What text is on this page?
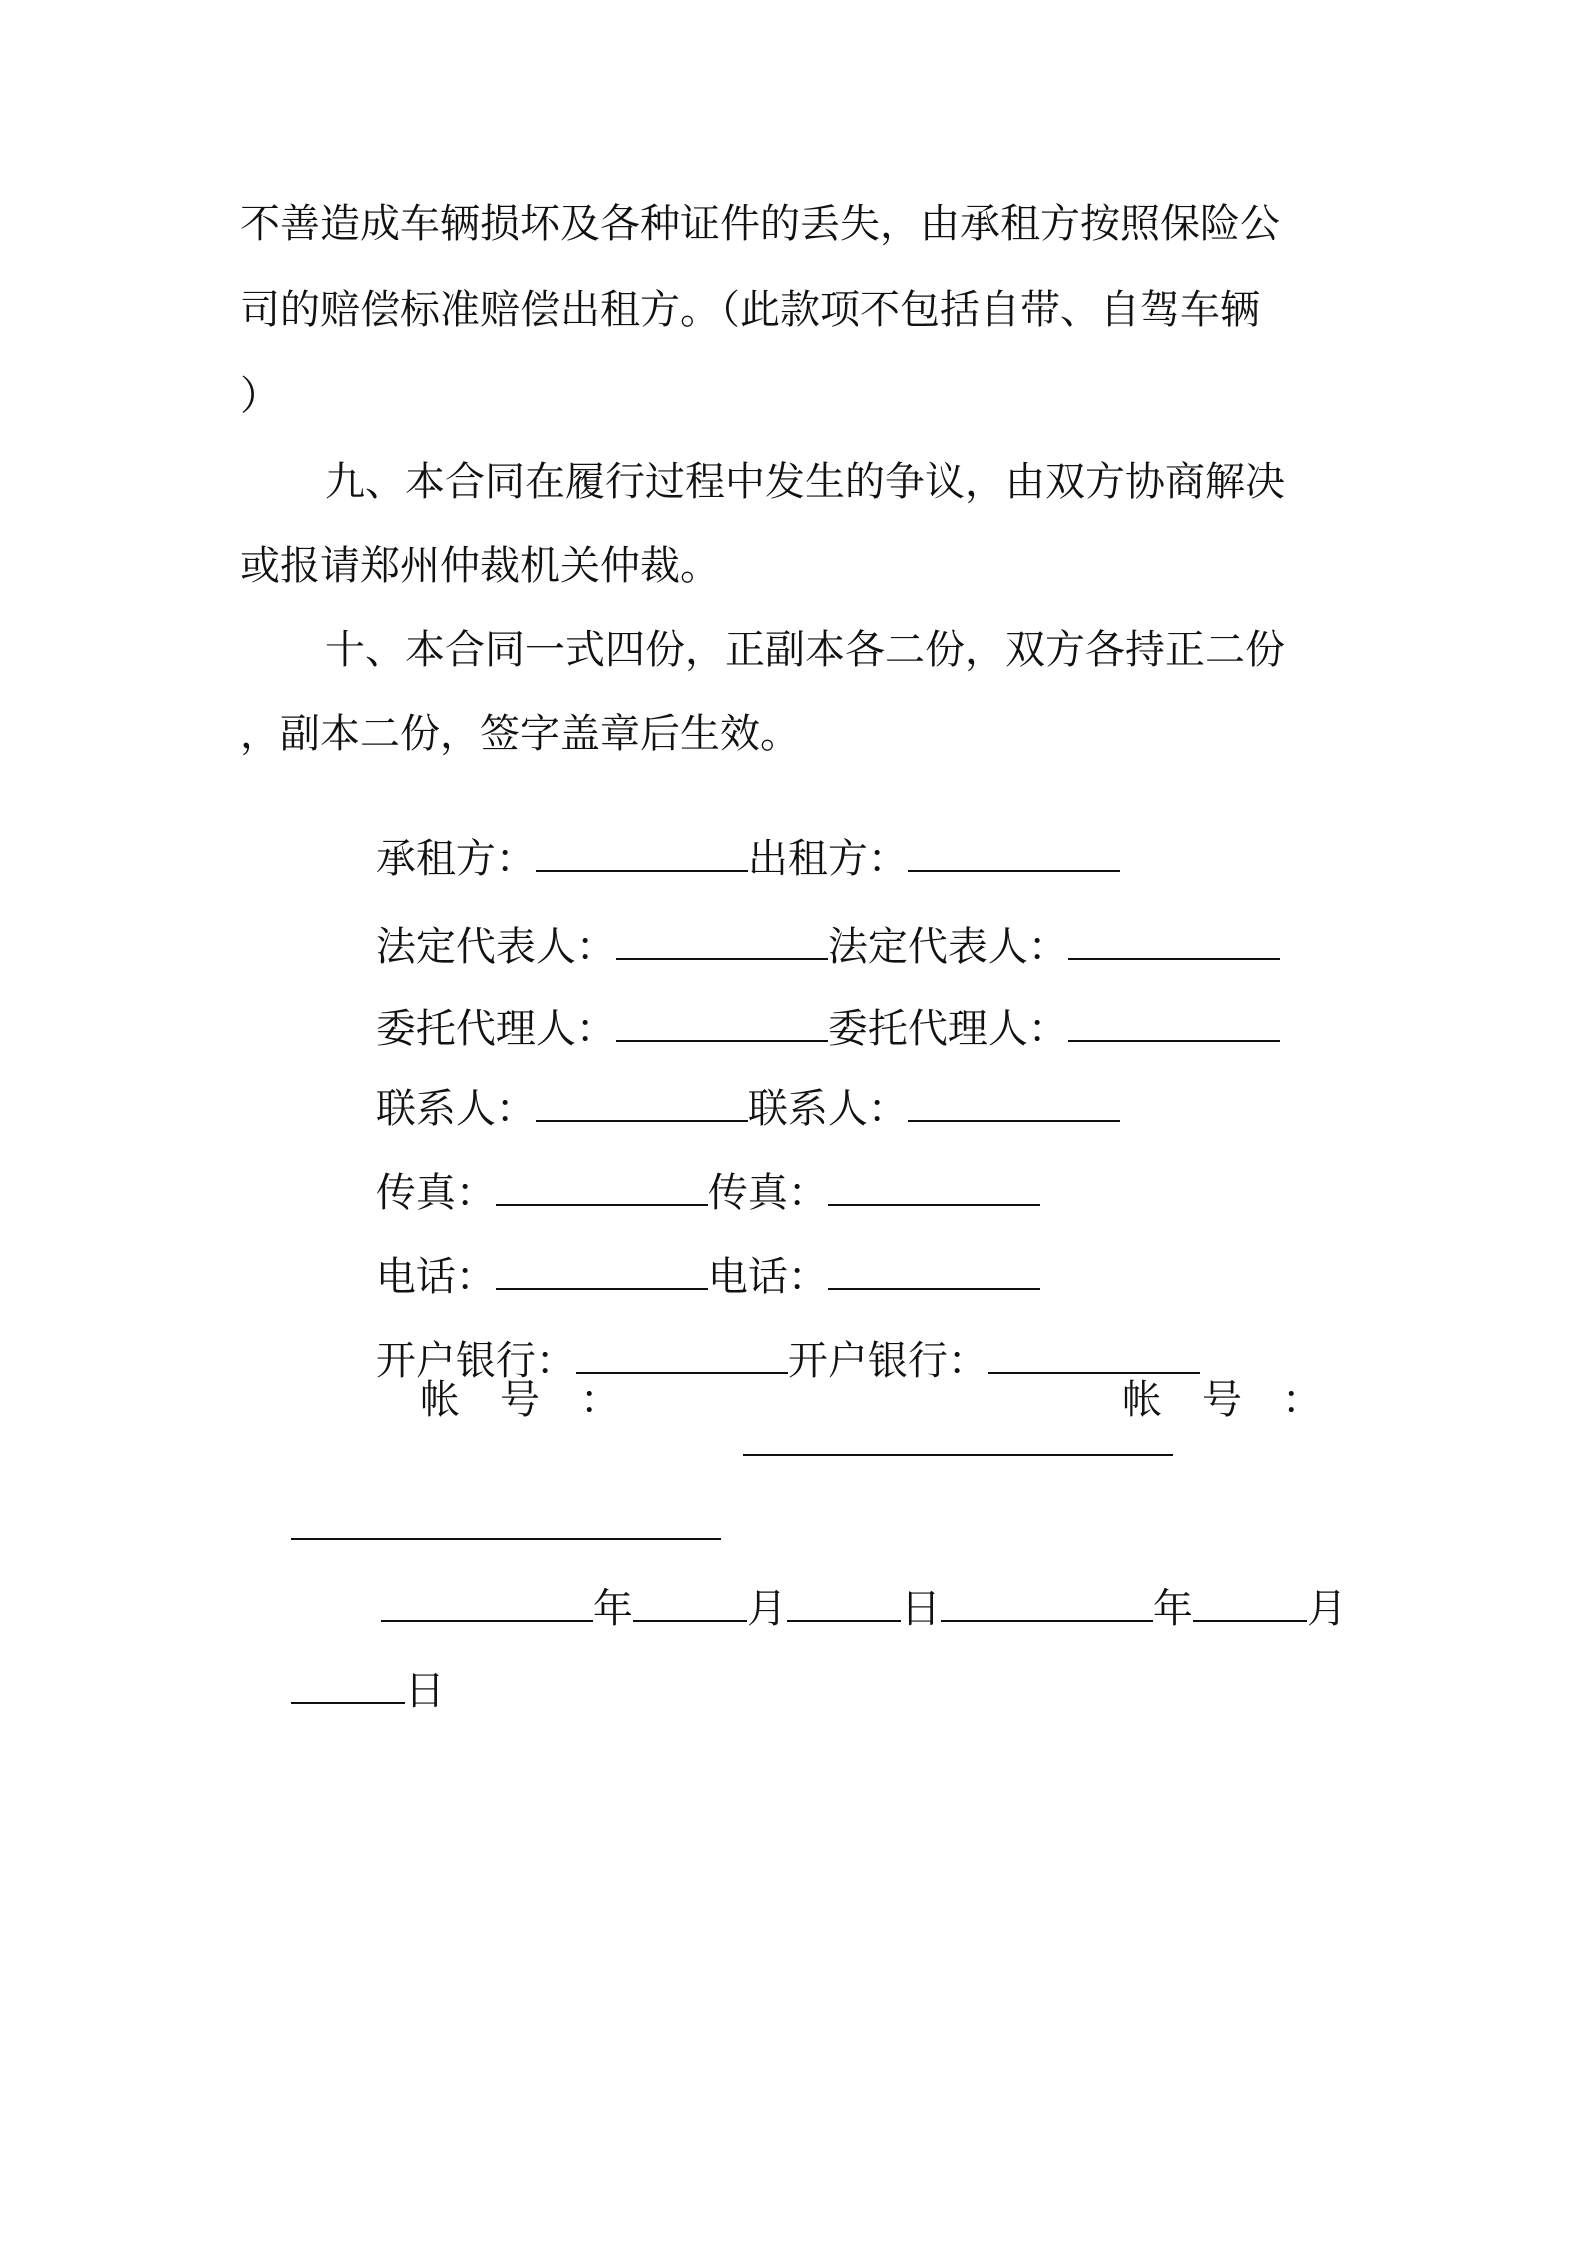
不善造成车辆损坏及各种证件的丢失，由承租方按照保险公
司的赔偿标准赔偿出租方。（此款项不包括自带、自驾车辆
）
九、本合同在履行过程中发生的争议，由双方协商解决
或报请郑州仲裁机关仲裁。
十、本合同一式四份，正副本各二份，双方各持正二份
，副本二份，签字盖章后生效。

承租方：	出租方：

法定代表人：	法定代表人：

委托代理人：	委托代理人：

联系人：	联系人：

传真：	传真：

电话：	电话：

开户银行：	开户银行：

帐　号　：

	帐　号　：

年	月	日	年	月

日
